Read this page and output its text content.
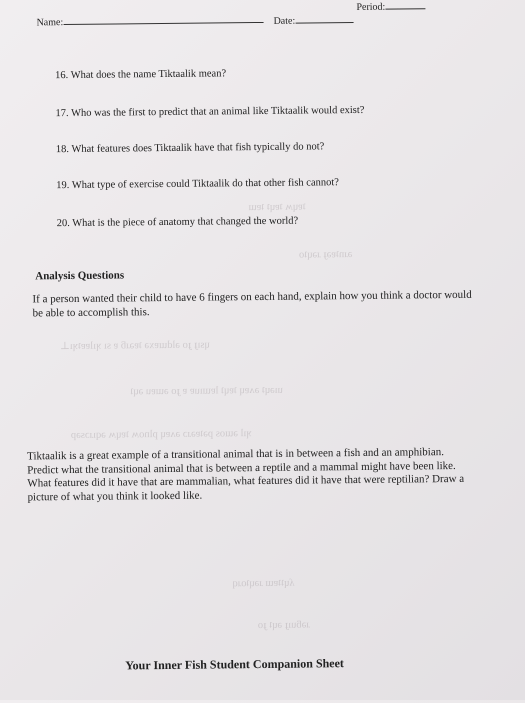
ʇɐɥʍ ʇɐɥʇ ʇɐɯ
ǝɹnʇɐǝɟ ɹǝɥʇo
ɥsıɟ ɟo ǝldɯɐxǝ ʇɐǝɹƃ ɐ sı ʞılɐɐʇʞı⊥
uıǝɥʇ ǝʌɐɥ ʇɐɥʇ lɐɯıuɐ ɐ ɟo ǝɯɐu ǝɥʇ
ʞıl ǝɯos pǝʇɐǝɹɔ ǝʌɐɥ plnoʍ ʇɐɥʍ ǝqıɹɔsǝp
ʎɥʇʇɐɯ ɹǝɥʇoɹq
ɹǝƃuıɟ ǝɥʇ ɟo
Name:	Date:
Period:
16. What does the name Tiktaalik mean?
17. Who was the first to predict that an animal like Tiktaalik would exist?
18. What features does Tiktaalik have that fish typically do not?
19. What type of exercise could Tiktaalik do that other fish cannot?
20. What is the piece of anatomy that changed the world?
Analysis Questions
If a person wanted their child to have 6 fingers on each hand, explain how you think a doctor would be able to accomplish this.
Tiktaalik is a great example of a transitional animal that is in between a fish and an amphibian. Predict what the transitional animal that is between a reptile and a mammal might have been like. What features did it have that are mammalian, what features did it have that were reptilian? Draw a picture of what you think it looked like.
Your Inner Fish Student Companion Sheet
